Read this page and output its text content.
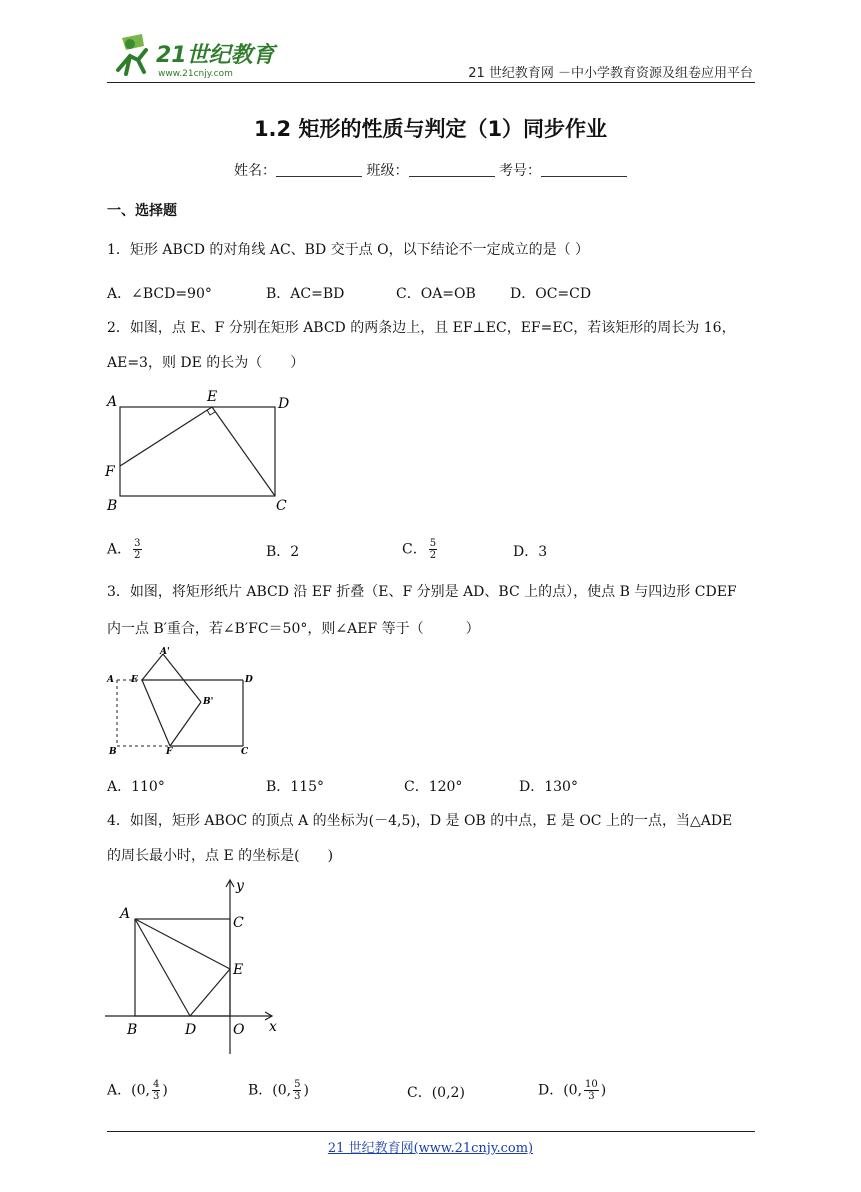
21世纪教育
www.21cnjy.com	21 世纪教育网 －中小学教育资源及组卷应用平台
1.2 矩形的性质与判定（1）同步作业
姓名：	班级：	考号：
一、选择题
1．矩形 ABCD 的对角线 AC、BD 交于点 O，以下结论不一定成立的是（ ）
A．∠BCD=90°	B．AC=BD	C．OA=OB D．OC=CD
2．如图，点 E、F 分别在矩形 ABCD 的两条边上，且 EF⊥EC，EF=EC，若该矩形的周长为 16，
AE=3，则 DE 的长为（　　）
A	E	D
F
B	C
A． $\frac{3}{2}$	B．2	C． $\frac{5}{2}$	D．3
3．如图，将矩形纸片 ABCD 沿 EF 折叠（E、F 分别是 AD、BC 上的点），使点 B 与四边形 CDEF
内一点 B′重合，若∠B′FC＝50°，则∠AEF 等于（　　　）
A E
A'
D
B'
B	F	C
A．110°	B．115°	C．120°	D．130°
4．如图，矩形 ABOC 的顶点 A 的坐标为(－4,5)，D 是 OB 的中点，E 是 OC 上的一点，当△ADE
的周长最小时，点 E 的坐标是(　　)
A
C
E
B	D	O x
y
A．(0, $\frac{4}{3}$ )	B．(0, $\frac{5}{3}$ )	C．(0,2)	D．(0, $\frac{10}{3}$ )
21 世纪教育网(www.21cnjy.com)
